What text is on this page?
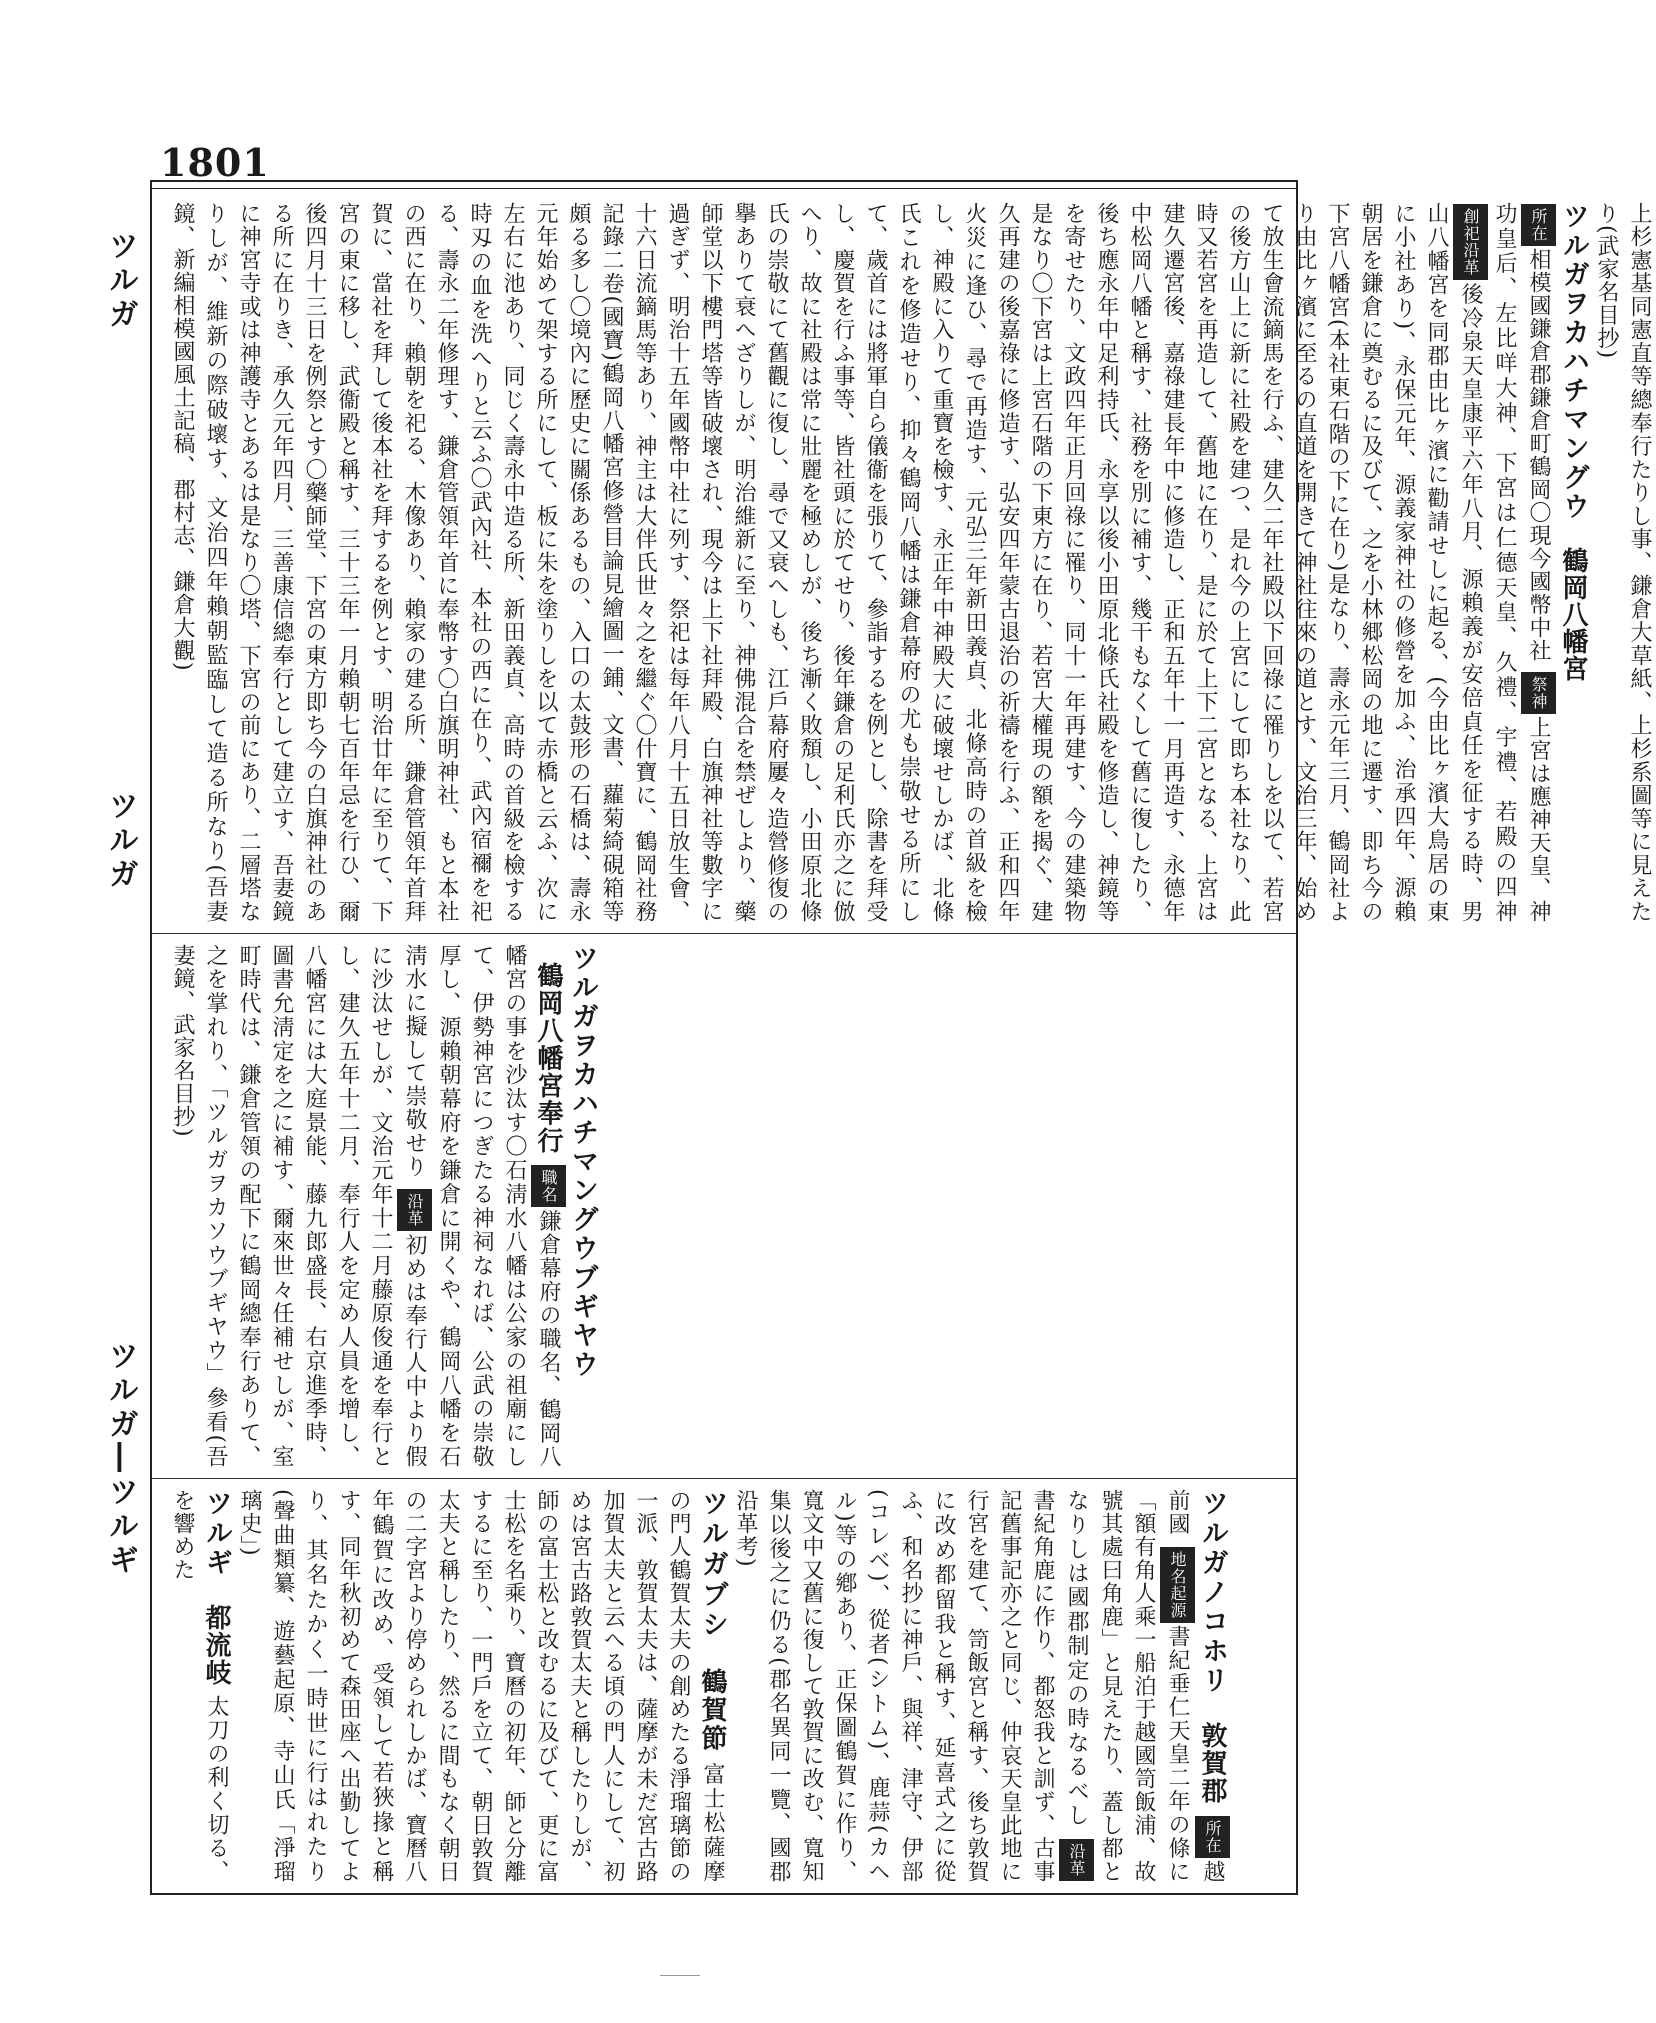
1801
ツルガ
ツルガ
ツルガ―ツルギ
上杉憲基同憲直等總奉行たりし事、鎌倉大草紙、上杉系圖等に見えたり(武家名目抄)
ツルガヲカハチマングウ 鶴岡八幡宮
所在相模國鎌倉郡鎌倉町鶴岡〇現今國幣中社 祭神上宮は應神天皇、神功皇后、左比咩大神、下宮は仁德天皇、久禮、宇禮、若殿の四神 創祀沿革後冷泉天皇康平六年八月、源賴義が安倍貞任を征する時、男山八幡宮を同郡由比ヶ濱に勸請せしに起る、(今由比ヶ濱大鳥居の東に小社あり)、永保元年、源義家神社の修營を加ふ、治承四年、源賴朝居を鎌倉に奠むるに及びて、之を小林郷松岡の地に遷す、即ち今の下宮八幡宮(本社東石階の下に在り)是なり、壽永元年三月、鶴岡社より由比ヶ濱に至るの直道を開きて神社往來の道とす、文治三年、始めて放生會流鏑馬を行ふ、建久二年社殿以下回祿に罹りしを以て、若宮の後方山上に新に社殿を建つ、是れ今の上宮にして即ち本社なり、此時又若宮を再造して、舊地に在り、是に於て上下二宮となる、上宮は建久遷宮後、嘉祿建長年中に修造し、正和五年十一月再造す、永德年中松岡八幡と稱す、社務を別に補す、幾干もなくして舊に復したり、後ち應永年中足利持氏、永享以後小田原北條氏社殿を修造し、神鏡等を寄せたり、文政四年正月回祿に罹り、同十一年再建す、今の建築物是なり〇下宮は上宮石階の下東方に在り、若宮大權現の額を揭ぐ、建久再建の後嘉祿に修造す、弘安四年蒙古退治の祈禱を行ふ、正和四年火災に逢ひ、尋で再造す、元弘三年新田義貞、北條高時の首級を檢し、神殿に入りて重寶を檢す、永正年中神殿大に破壞せしかば、北條氏これを修造せり、抑々鶴岡八幡は鎌倉幕府の尤も崇敬せる所にして、歲首には將軍自ら儀衞を張りて、參詣するを例とし、除書を拜受し、慶賀を行ふ事等、皆社頭に於てせり、後年鎌倉の足利氏亦之に倣へり、故に社殿は常に壯麗を極めしが、後ち漸く敗頽し、小田原北條氏の崇敬にて舊觀に復し、尋で又衰へしも、江戶幕府屢々造營修復の擧ありて衰へざりしが、明治維新に至り、神佛混合を禁ぜしより、藥師堂以下樓門塔等皆破壞され、現今は上下社拜殿、白旗神社等數字に過ぎず、明治十五年國幣中社に列す、祭祀は每年八月十五日放生會、十六日流鏑馬等あり、神主は大伴氏世々之を繼ぐ〇什寶に、鶴岡社務記錄二卷(國寶)鶴岡八幡宮修營目論見繪圖一鋪、文書、蘿菊綺硯箱等頗る多し〇境內に歷史に關係あるもの、入口の太鼓形の石橋は、壽永元年始めて架する所にして、板に朱を塗りしを以て赤橋と云ふ、次に左右に池あり、同じく壽永中造る所、新田義貞、高時の首級を檢する時刄の血を洗へりと云ふ〇武內社、本社の西に在り、武內宿禰を祀る、壽永二年修理す、鎌倉管領年首に奉幣す〇白旗明神社、もと本社の西に在り、賴朝を祀る、木像あり、賴家の建る所、鎌倉管領年首拜賀に、當社を拜して後本社を拜するを例とす、明治廿年に至りて、下宮の東に移し、武衞殿と稱す、三十三年一月賴朝七百年忌を行ひ、爾後四月十三日を例祭とす〇藥師堂、下宮の東方即ち今の白旗神社のある所に在りき、承久元年四月、三善康信總奉行として建立す、吾妻鏡に神宮寺或は神護寺とあるは是なり〇塔、下宮の前にあり、二層塔なりしが、維新の際破壞す、文治四年賴朝監臨して造る所なり(吾妻鏡、新編相模國風土記稿、郡村志、鎌倉大觀)
ツルガヲカハチマングウブギヤウ
鶴岡八幡宮奉行 職名鎌倉幕府の職名、鶴岡八幡宮の事を沙汰す〇石淸水八幡は公家の祖廟にして、伊勢神宮につぎたる神祠なれば、公武の崇敬厚し、源賴朝幕府を鎌倉に開くや、鶴岡八幡を石淸水に擬して崇敬せり 沿革初めは奉行人中より假に沙汰せしが、文治元年十二月藤原俊通を奉行とし、建久五年十二月、奉行人を定め人員を增し、八幡宮には大庭景能、藤九郎盛長、右京進季時、圖書允淸定を之に補す、爾來世々任補せしが、室町時代は、鎌倉管領の配下に鶴岡總奉行ありて、之を掌れり、「ツルガヲカソウブギヤウ」參看(吾妻鏡、武家名目抄)
ツルガノコホリ 敦賀郡 所在越前國 地名起源書紀垂仁天皇二年の條に「額有角人乘一船泊于越國笥飯浦、故號其處曰角鹿」と見えたり、蓋し都となりしは國郡制定の時なるべし 沿革書紀角鹿に作り、都怒我と訓ず、古事記舊事記亦之と同じ、仲哀天皇此地に行宮を建て、笥飯宮と稱す、後ち敦賀に改め都留我と稱す、延喜式之に從ふ、和名抄に神戶、與祥、津守、伊部(コレベ)、從者(シトム)、鹿蒜(カヘル)等の鄕あり、正保圖鶴賀に作り、寬文中又舊に復して敦賀に改む、寬知集以後之に仍る(郡名異同一覽、國郡沿革考)
ツルガブシ 鶴賀節 富士松薩摩の門人鶴賀太夫の創めたる淨瑠璃節の一派、敦賀太夫は、薩摩が未だ宮古路加賀太夫と云へる頃の門人にして、初めは宮古路敦賀太夫と稱したりしが、師の富士松と改むるに及びて、更に富士松を名乘り、寶曆の初年、師と分離するに至り、一門戶を立て、朝日敦賀太夫と稱したり、然るに間もなく朝日の二字宮より停められしかば、寶曆八年鶴賀に改め、受領して若狹掾と稱す、同年秋初めて森田座へ出勤してより、其名たかく一時世に行はれたり(聲曲類纂、遊藝起原、寺山氏「淨瑠璃史」)
ツルギ 都流岐 太刀の利く切る、を響めた
